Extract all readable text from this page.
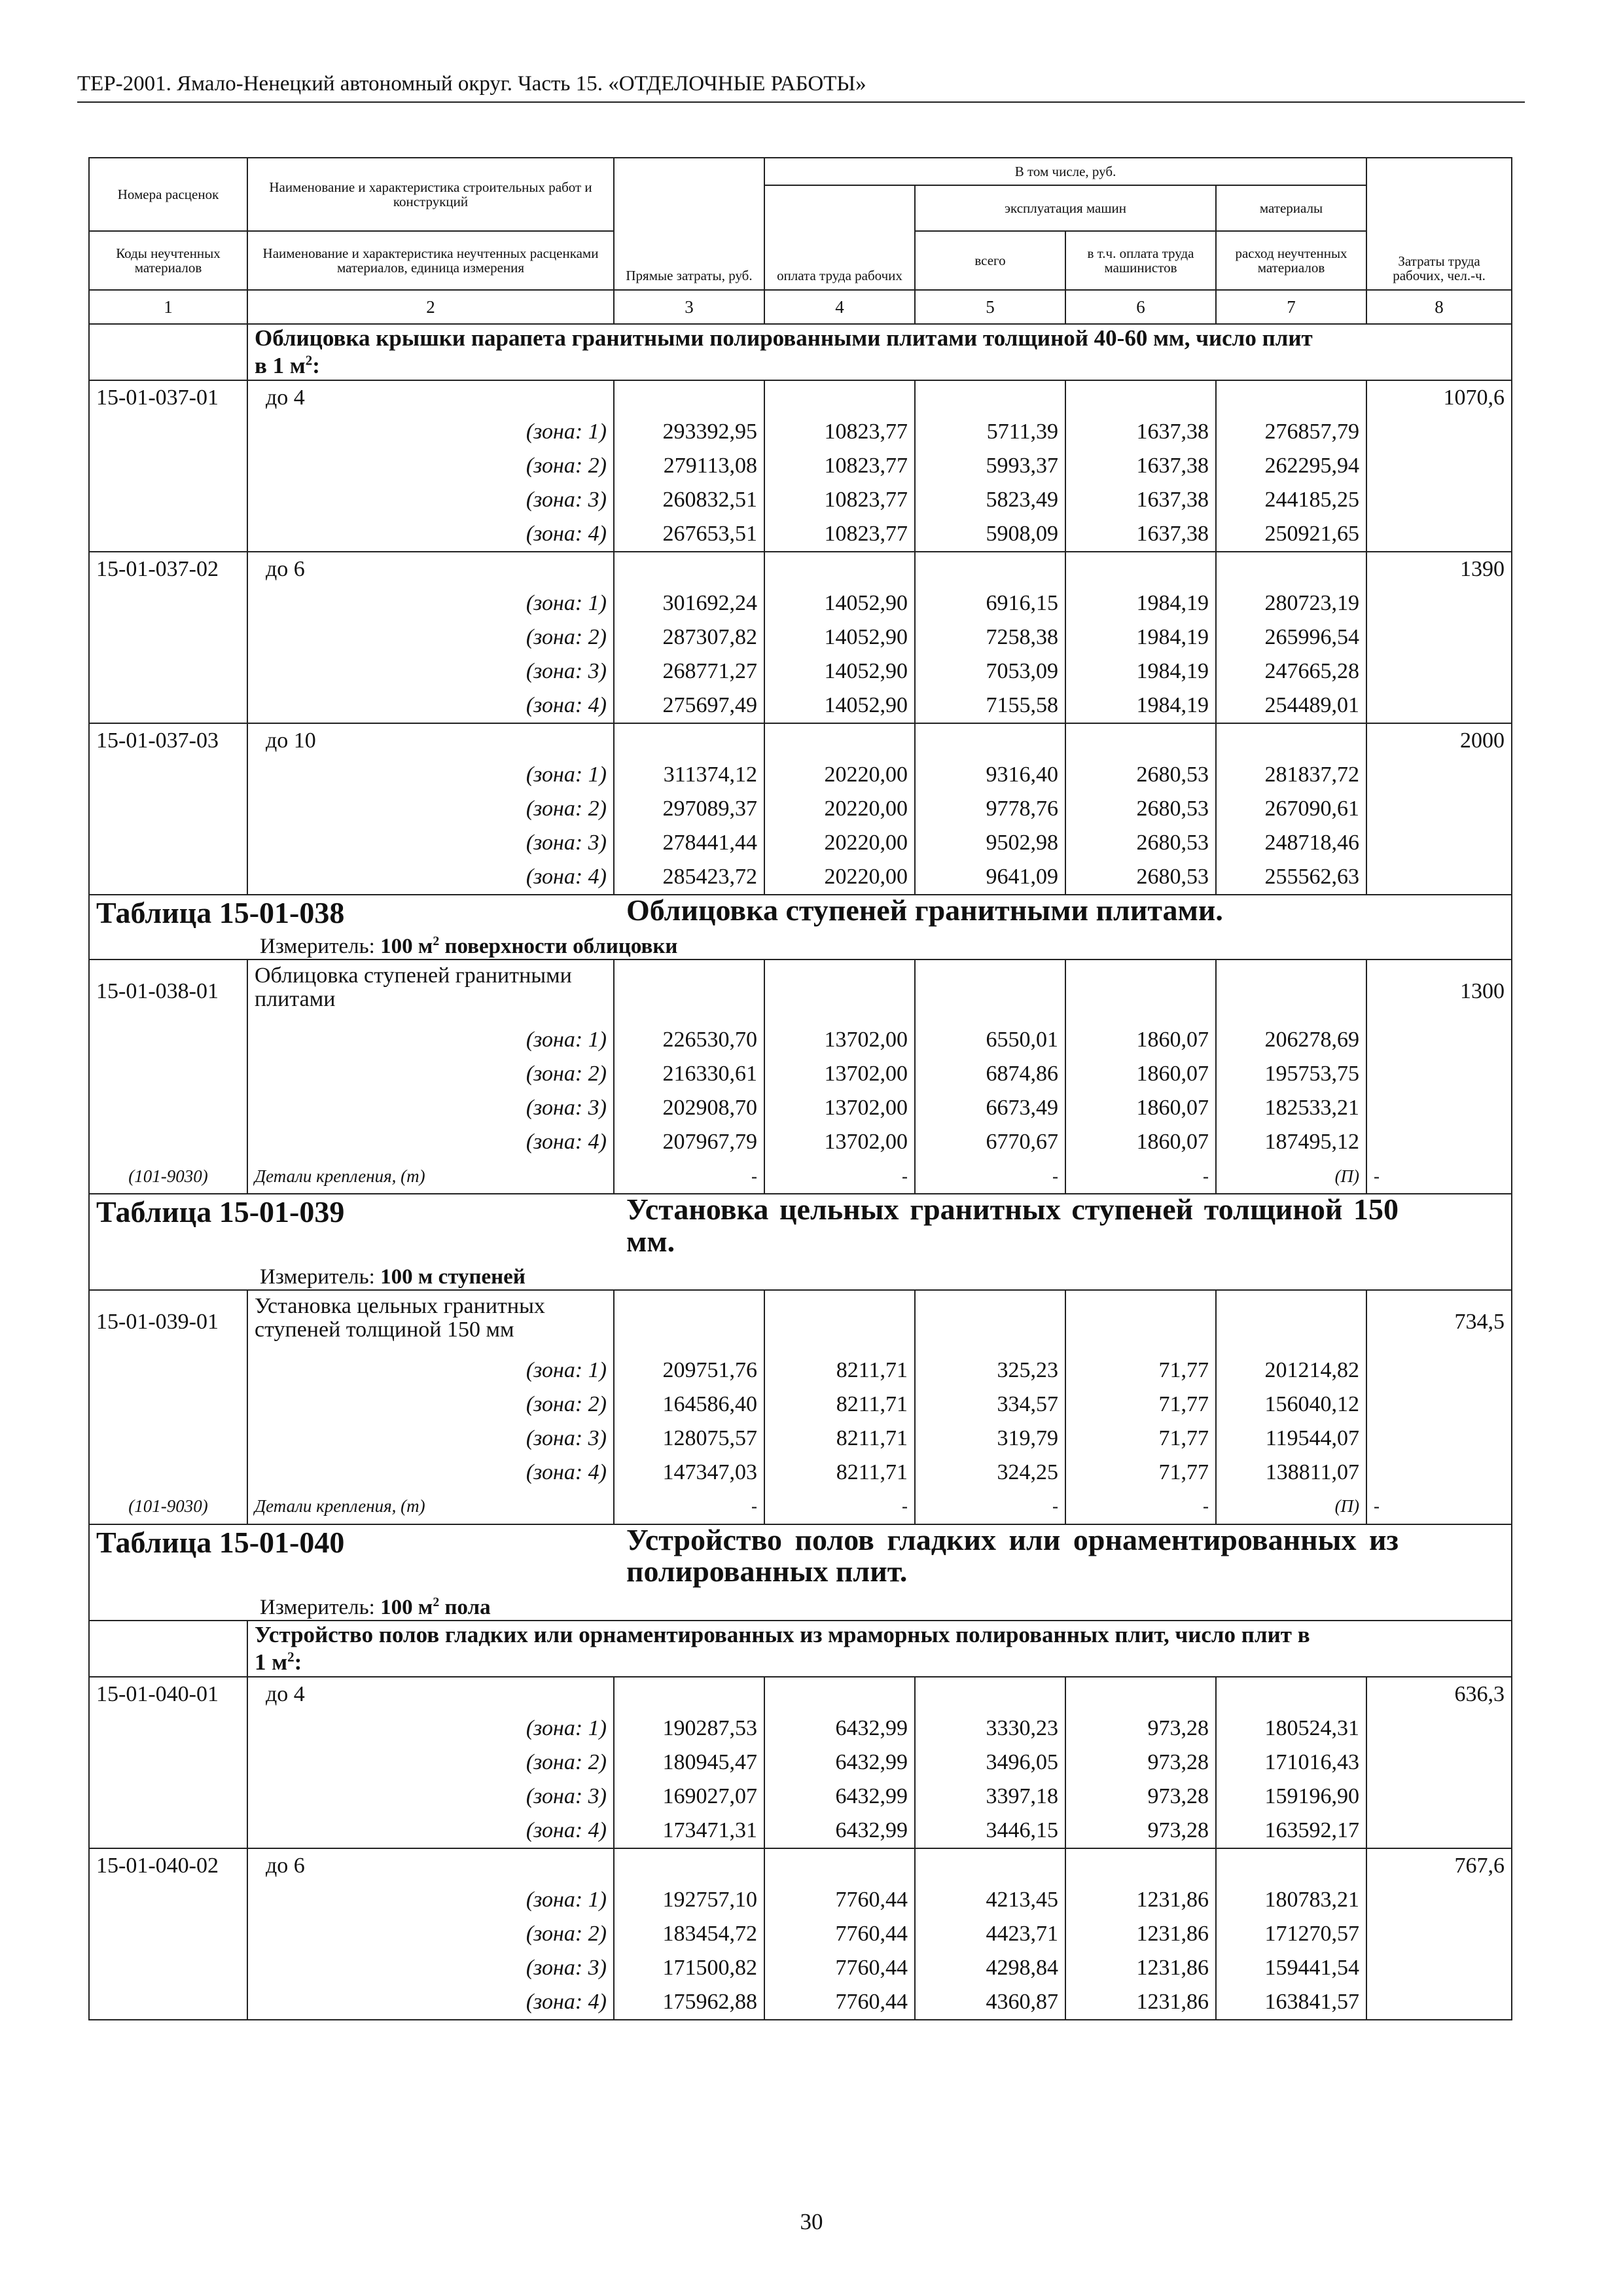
ТЕР-2001. Ямало-Ненецкий автономный округ. Часть 15. «ОТДЕЛОЧНЫЕ РАБОТЫ»
Номера расценок	Наименование и характеристика строительных работ и конструкций	Прямые затраты, руб.	В том числе, руб.				Затраты труда рабочих, чел.-ч.
			оплата труда рабочих	эксплуатация машин		материалы	
Коды неучтенных материалов	Наименование и характеристика неучтенных расценками материалов, единица измерения			всего	в т.ч. оплата труда машинистов	расход неучтенных материалов	

1	2	3	4	5	6	7	8
	Облицовка крышки парапета гранитными полированными плитами толщиной 40-60 мм, число плит
в 1 $м^2$:						
15-01-037-01	до 4						1070,6
	(зона: 1)	293392,95	10823,77	5711,39	1637,38	276857,79	
	(зона: 2)	279113,08	10823,77	5993,37	1637,38	262295,94	
	(зона: 3)	260832,51	10823,77	5823,49	1637,38	244185,25	
	(зона: 4)	267653,51	10823,77	5908,09	1637,38	250921,65	
15-01-037-02	до 6						1390
	(зона: 1)	301692,24	14052,90	6916,15	1984,19	280723,19	
	(зона: 2)	287307,82	14052,90	7258,38	1984,19	265996,54	
	(зона: 3)	268771,27	14052,90	7053,09	1984,19	247665,28	
	(зона: 4)	275697,49	14052,90	7155,58	1984,19	254489,01	
15-01-037-03	до 10						2000
	(зона: 1)	311374,12	20220,00	9316,40	2680,53	281837,72	
	(зона: 2)	297089,37	20220,00	9778,76	2680,53	267090,61	
	(зона: 3)	278441,44	20220,00	9502,98	2680,53	248718,46	
	(зона: 4)	285423,72	20220,00	9641,09	2680,53	255562,63	

Таблица 15-01-038 Облицовка ступеней гранитными плитами.
Измеритель: 100 $м^2$ поверхности облицовки							

15-01-038-01	Облицовка ступеней гранитными плитами						1300
	(зона: 1)	226530,70	13702,00	6550,01	1860,07	206278,69	
	(зона: 2)	216330,61	13702,00	6874,86	1860,07	195753,75	
	(зона: 3)	202908,70	13702,00	6673,49	1860,07	182533,21	
	(зона: 4)	207967,79	13702,00	6770,67	1860,07	187495,12	
(101-9030)	Детали крепления, (т)	-	-	-	-	(П)	-

Таблица 15-01-039 Установка цельных гранитных ступеней толщиной 150 мм.
Измеритель: 100 м ступеней							

15-01-039-01	Установка цельных гранитных ступеней толщиной 150 мм						734,5
	(зона: 1)	209751,76	8211,71	325,23	71,77	201214,82	
	(зона: 2)	164586,40	8211,71	334,57	71,77	156040,12	
	(зона: 3)	128075,57	8211,71	319,79	71,77	119544,07	
	(зона: 4)	147347,03	8211,71	324,25	71,77	138811,07	
(101-9030)	Детали крепления, (т)	-	-	-	-	(П)	-

Таблица 15-01-040 Устройство полов гладких или орнаментированных из полированных плит.
Измеритель: 100 $м^2$ пола							

	Устройство полов гладких или орнаментированных из мраморных полированных плит, число плит в
1 $м^2$:						
15-01-040-01	до 4						636,3
	(зона: 1)	190287,53	6432,99	3330,23	973,28	180524,31	
	(зона: 2)	180945,47	6432,99	3496,05	973,28	171016,43	
	(зона: 3)	169027,07	6432,99	3397,18	973,28	159196,90	
	(зона: 4)	173471,31	6432,99	3446,15	973,28	163592,17	
15-01-040-02	до 6						767,6
	(зона: 1)	192757,10	7760,44	4213,45	1231,86	180783,21	
	(зона: 2)	183454,72	7760,44	4423,71	1231,86	171270,57	
	(зона: 3)	171500,82	7760,44	4298,84	1231,86	159441,54	
	(зона: 4)	175962,88	7760,44	4360,87	1231,86	163841,57	
30
